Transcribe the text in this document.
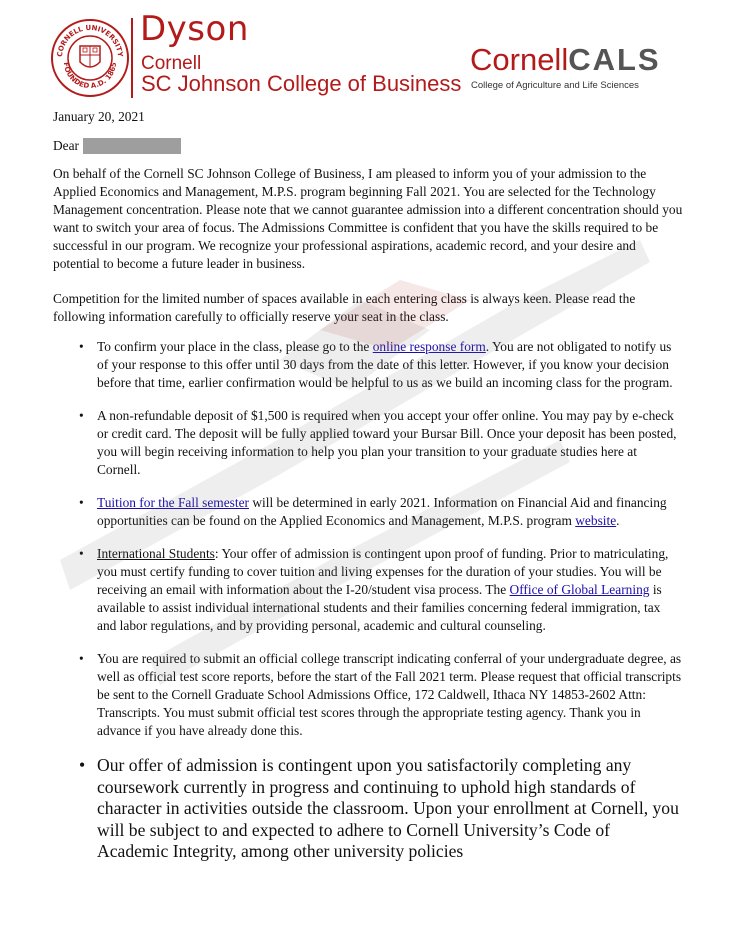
CORNELL UNIVERSITY
FOUNDED A.D. 1865
Dyson
Cornell
SC Johnson College of Business
CornellCALS
College of Agriculture and Life Sciences
January 20, 2021
Dear

On behalf of the Cornell SC Johnson College of Business, I am pleased to inform you of your admission to the Applied Economics and Management, M.P.S. program beginning Fall 2021. You are selected for the Technology Management concentration. Please note that we cannot guarantee admission into a different concentration should you want to switch your area of focus. The Admissions Committee is confident that you have the skills required to be successful in our program. We recognize your professional aspirations, academic record, and your desire and potential to become a future leader in business.

Competition for the limited number of spaces available in each entering class is always keen. Please read the following information carefully to officially reserve your seat in the class.

• To confirm your place in the class, please go to the online response form. You are not obligated to notify us of your response to this offer until 30 days from the date of this letter. However, if you know your decision before that time, earlier confirmation would be helpful to us as we build an incoming class for the program.
• A non-refundable deposit of $1,500 is required when you accept your offer online. You may pay by e-check or credit card. The deposit will be fully applied toward your Bursar Bill. Once your deposit has been posted, you will begin receiving information to help you plan your transition to your graduate studies here at Cornell.
• Tuition for the Fall semester will be determined in early 2021. Information on Financial Aid and financing opportunities can be found on the Applied Economics and Management, M.P.S. program website.
• International Students: Your offer of admission is contingent upon proof of funding. Prior to matriculating, you must certify funding to cover tuition and living expenses for the duration of your studies. You will be receiving an email with information about the I-20/student visa process. The Office of Global Learning is available to assist individual international students and their families concerning federal immigration, tax and labor regulations, and by providing personal, academic and cultural counseling.
• You are required to submit an official college transcript indicating conferral of your undergraduate degree, as well as official test score reports, before the start of the Fall 2021 term. Please request that official transcripts be sent to the Cornell Graduate School Admissions Office, 172 Caldwell, Ithaca NY 14853-2602 Attn: Transcripts. You must submit official test scores through the appropriate testing agency. Thank you in advance if you have already done this.
• Our offer of admission is contingent upon you satisfactorily completing any coursework currently in progress and continuing to uphold high standards of character in activities outside the classroom. Upon your enrollment at Cornell, you will be subject to and expected to adhere to Cornell University’s Code of Academic Integrity, among other university policies
